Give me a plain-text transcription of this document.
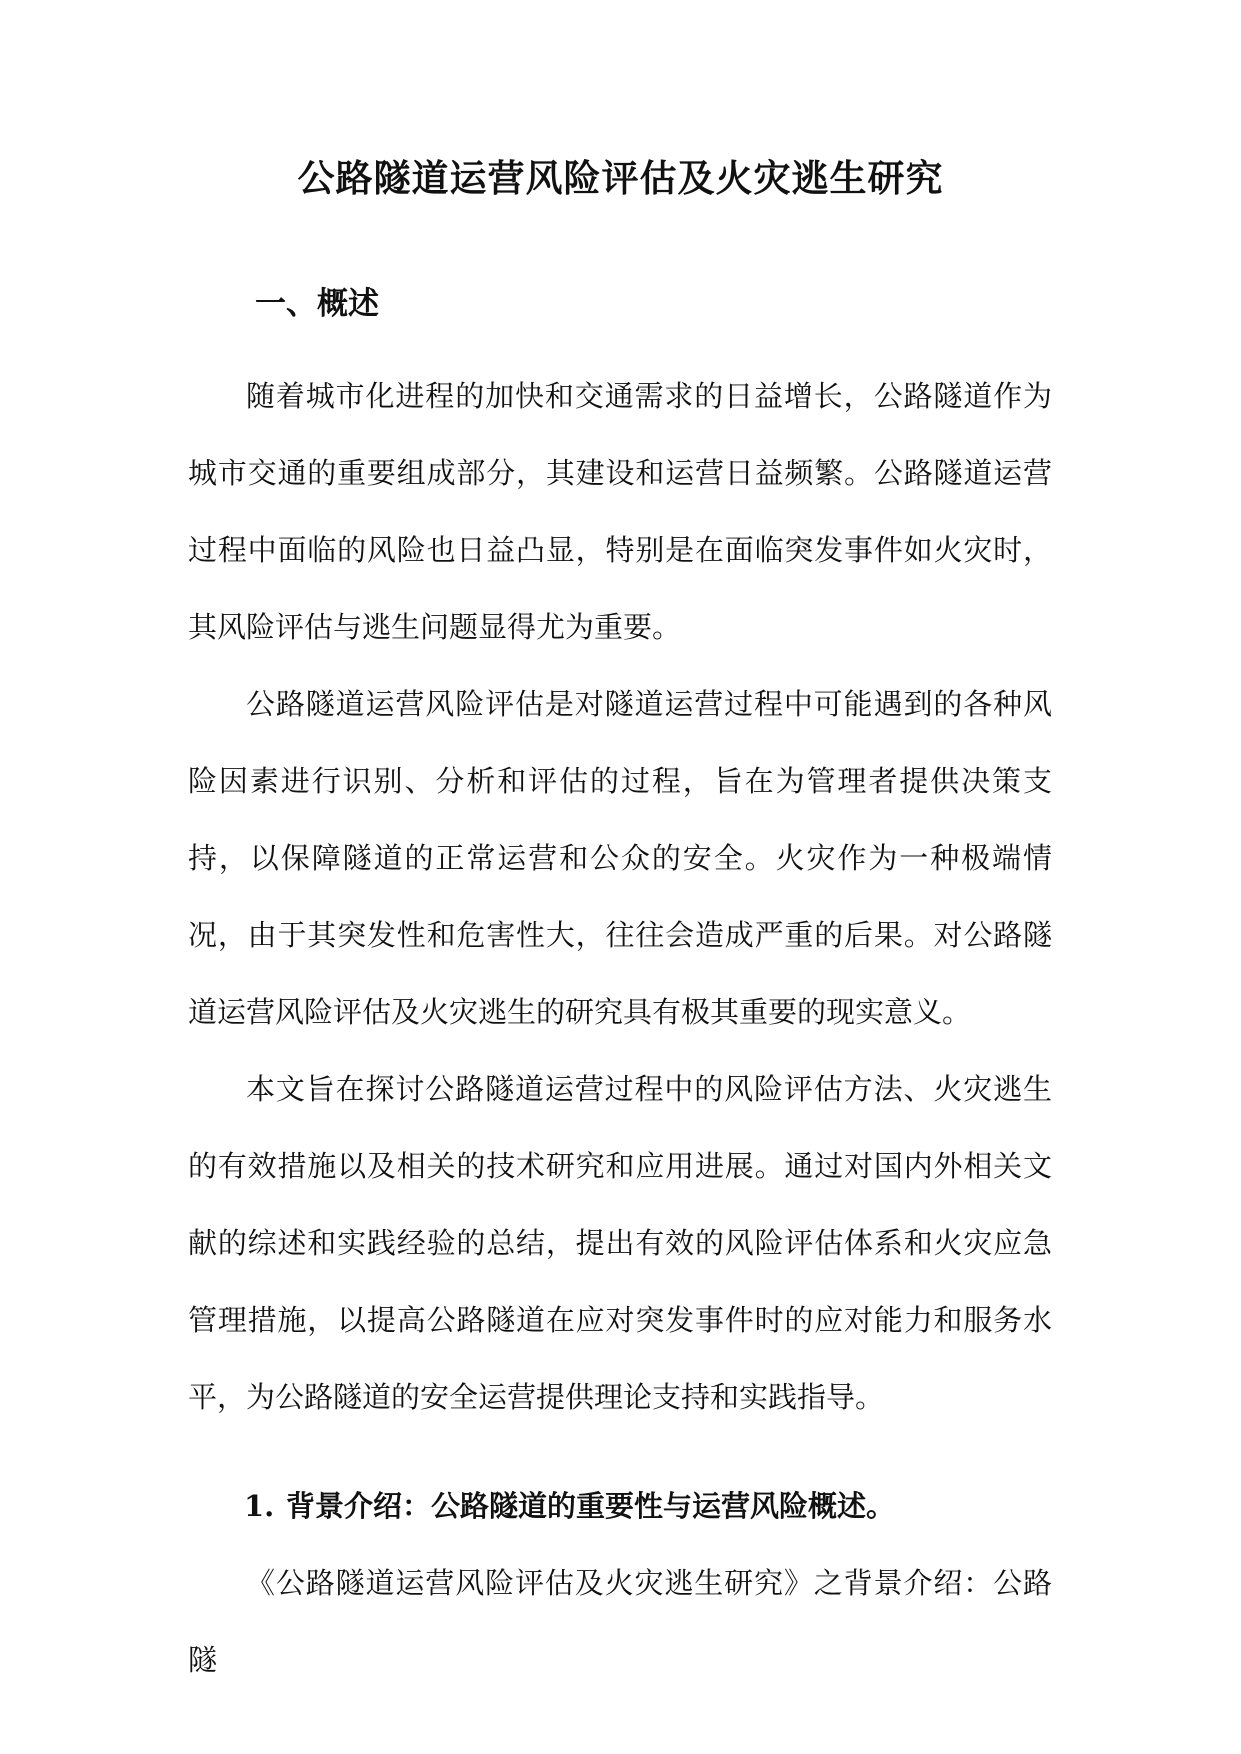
公路隧道运营风险评估及火灾逃生研究
一、概述

随着城市化进程的加快和交通需求的日益增长，公路隧道作为城市交通的重要组成部分，其建设和运营日益频繁。公路隧道运营过程中面临的风险也日益凸显，特别是在面临突发事件如火灾时，其风险评估与逃生问题显得尤为重要。

公路隧道运营风险评估是对隧道运营过程中可能遇到的各种风险因素进行识别、分析和评估的过程，旨在为管理者提供决策支持，以保障隧道的正常运营和公众的安全。火灾作为一种极端情况，由于其突发性和危害性大，往往会造成严重的后果。对公路隧道运营风险评估及火灾逃生的研究具有极其重要的现实意义。

本文旨在探讨公路隧道运营过程中的风险评估方法、火灾逃生的有效措施以及相关的技术研究和应用进展。通过对国内外相关文献的综述和实践经验的总结，提出有效的风险评估体系和火灾应急管理措施，以提高公路隧道在应对突发事件时的应对能力和服务水平，为公路隧道的安全运营提供理论支持和实践指导。

1. 背景介绍：公路隧道的重要性与运营风险概述。

《公路隧道运营风险评估及火灾逃生研究》之背景介绍：公路隧
